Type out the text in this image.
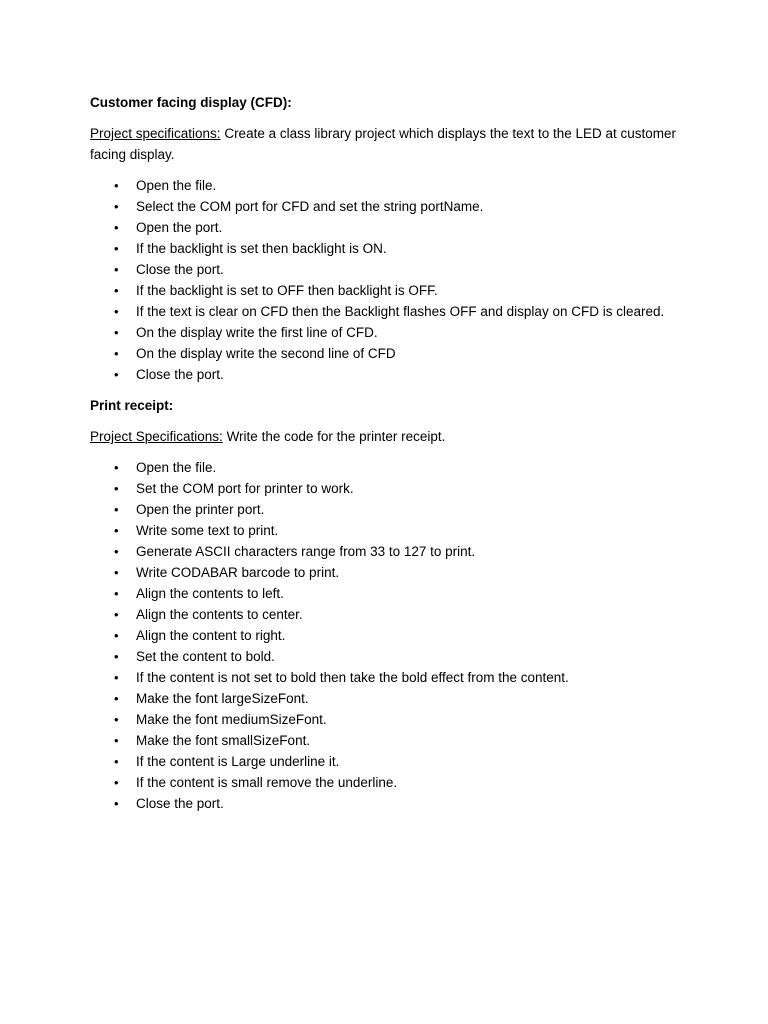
Customer facing display (CFD):

Project specifications: Create a class library project which displays the text to the LED at customer facing display.

• Open the file.
• Select the COM port for CFD and set the string portName.
• Open the port.
• If the backlight is set then backlight is ON.
• Close the port.
• If the backlight is set to OFF then backlight is OFF.
• If the text is clear on CFD then the Backlight flashes OFF and display on CFD is cleared.
• On the display write the first line of CFD.
• On the display write the second line of CFD
• Close the port.

Print receipt:

Project Specifications: Write the code for the printer receipt.

• Open the file.
• Set the COM port for printer to work.
• Open the printer port.
• Write some text to print.
• Generate ASCII characters range from 33 to 127 to print.
• Write CODABAR barcode to print.
• Align the contents to left.
• Align the contents to center.
• Align the content to right.
• Set the content to bold.
• If the content is not set to bold then take the bold effect from the content.
• Make the font largeSizeFont.
• Make the font mediumSizeFont.
• Make the font smallSizeFont.
• If the content is Large underline it.
• If the content is small remove the underline.
• Close the port.
